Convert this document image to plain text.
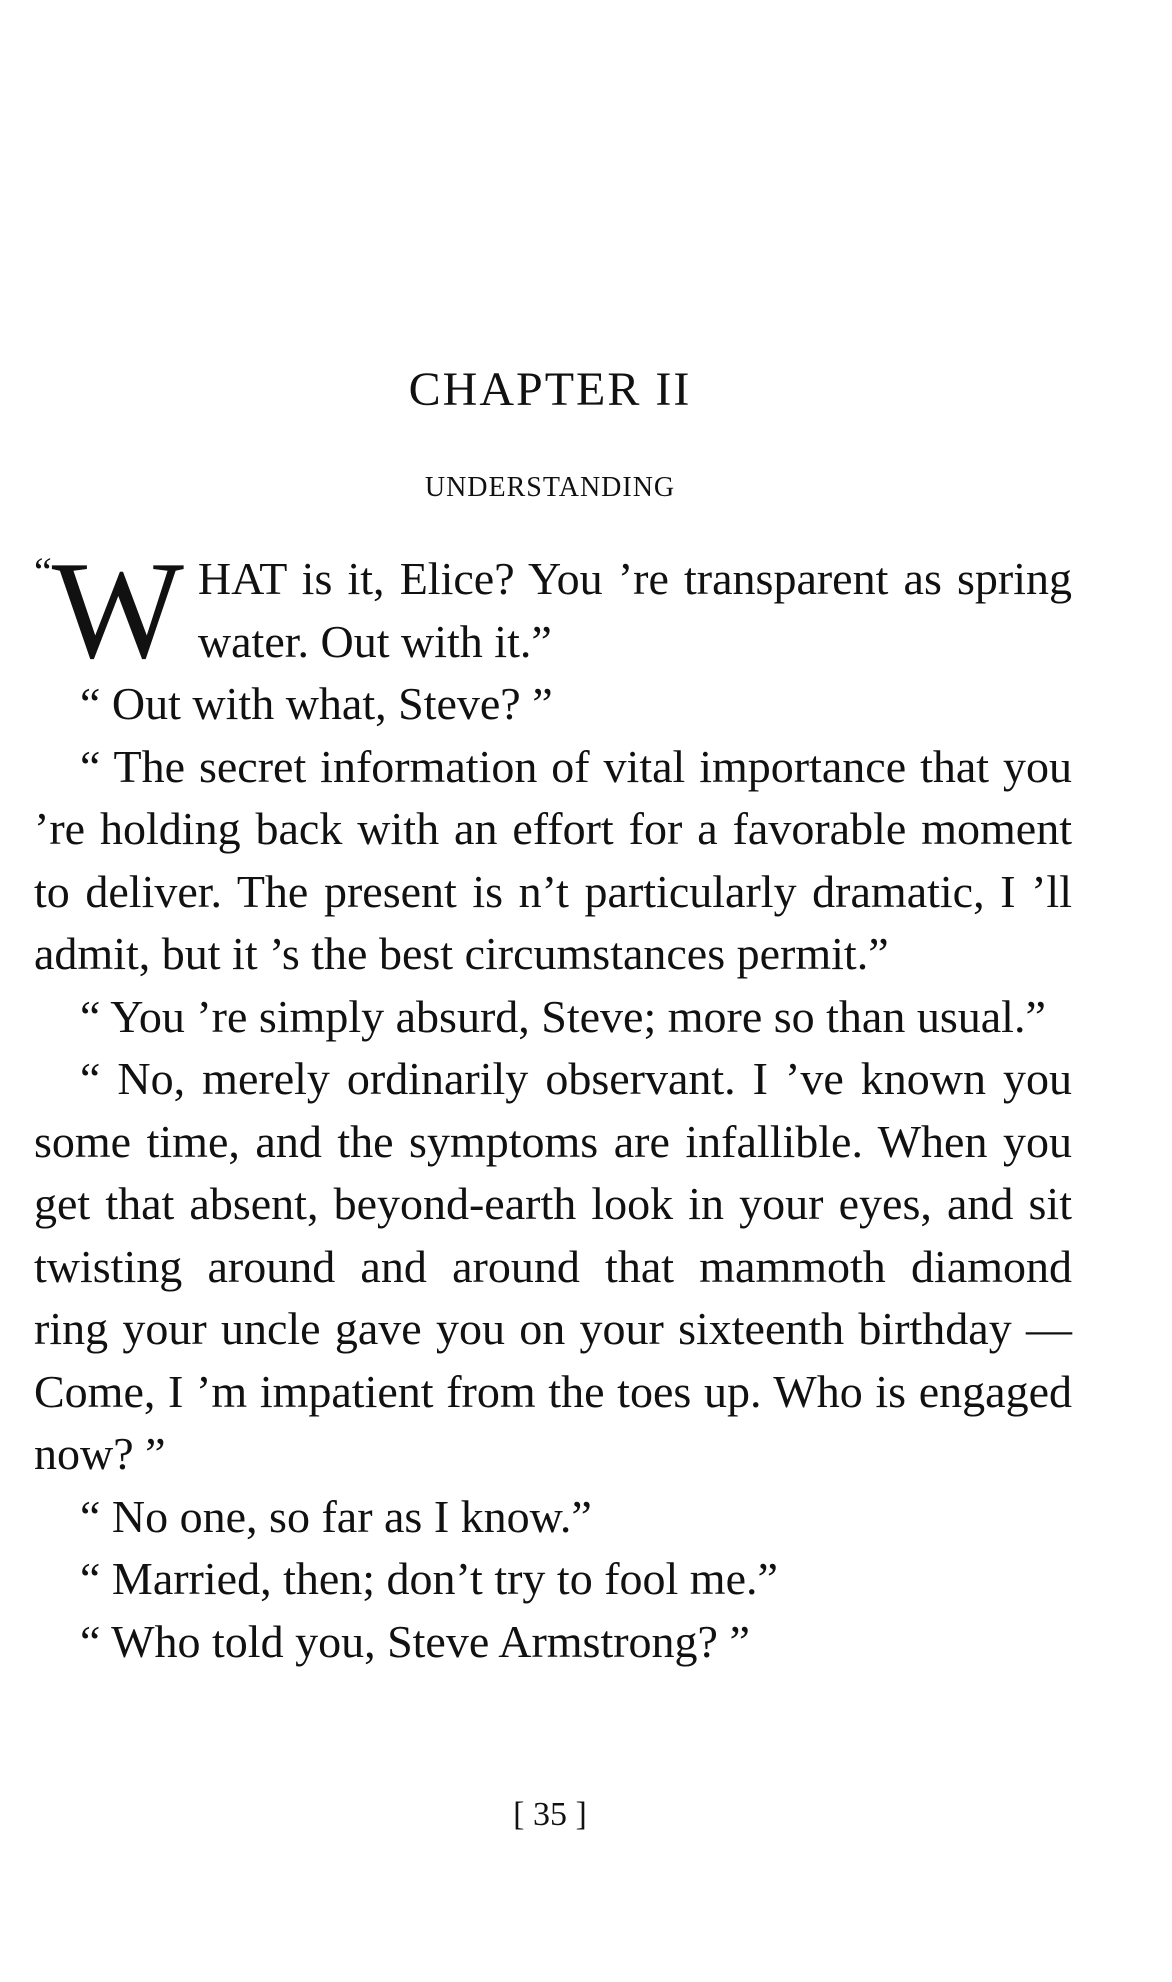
CHAPTER II
UNDERSTANDING

“W HAT is it, Elice? You ’re transparent as spring water. Out with it.”

“ Out with what, Steve? ”

“ The secret information of vital importance that you ’re holding back with an effort for a favorable moment to deliver. The present is n’t particularly dramatic, I ’ll admit, but it ’s the best circumstances permit.”

“ You ’re simply absurd, Steve; more so than usual.”

“ No, merely ordinarily observant. I ’ve known you some time, and the symptoms are infallible. When you get that absent, beyond-earth look in your eyes, and sit twisting around and around that mammoth diamond ring your uncle gave you on your sixteenth birthday — Come, I ’m impatient from the toes up. Who is engaged now? ”

“ No one, so far as I know.”

“ Married, then; don’t try to fool me.”

“ Who told you, Steve Armstrong? ”

[ 35 ]
